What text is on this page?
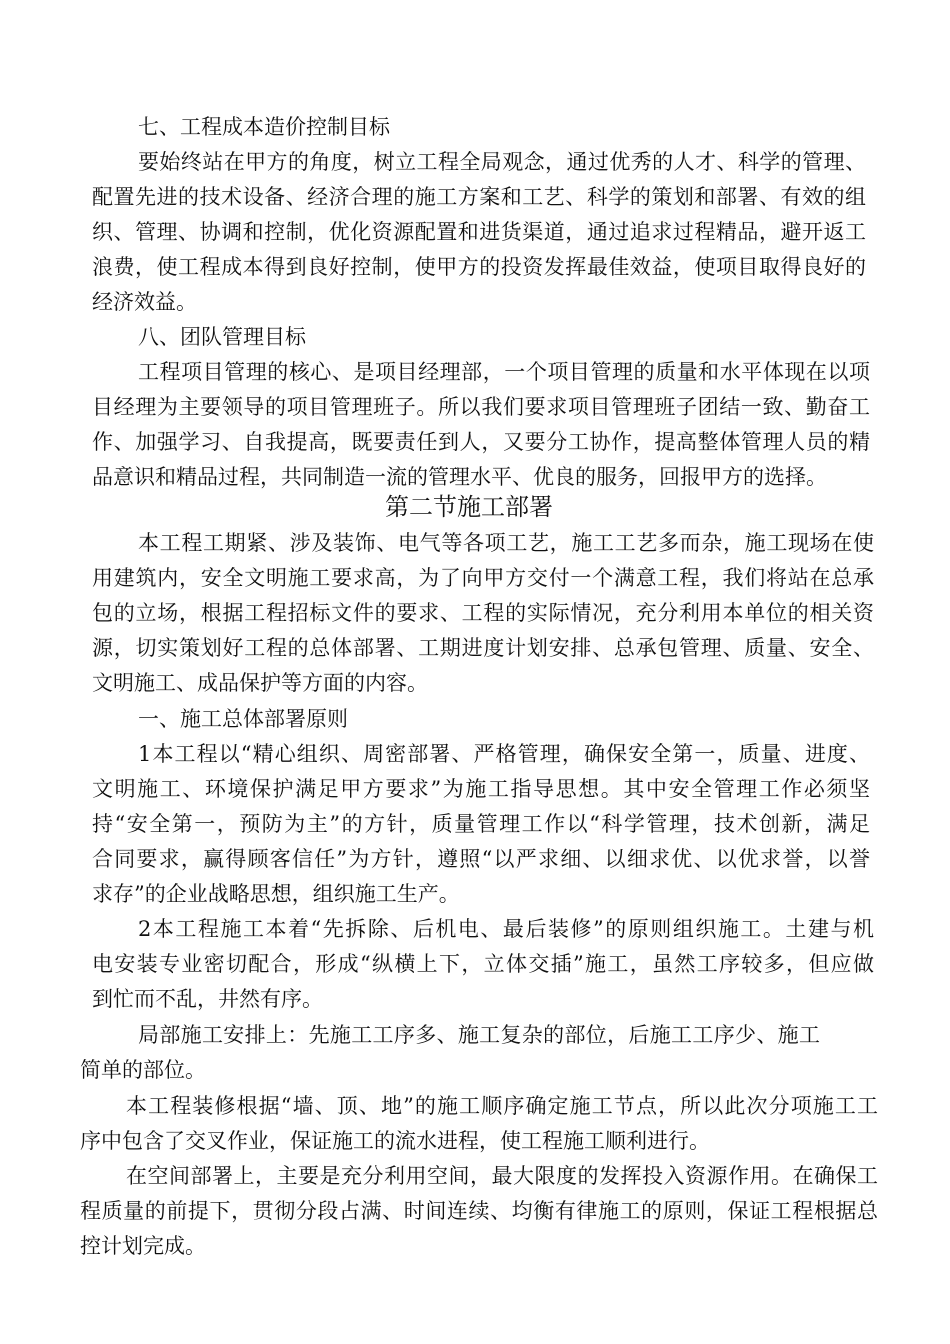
七、工程成本造价控制目标
要始终站在甲方的角度，树立工程全局观念，通过优秀的人才、科学的管理、
配置先进的技术设备、经济合理的施工方案和工艺、科学的策划和部署、有效的组
织、管理、协调和控制，优化资源配置和进货渠道，通过追求过程精品，避开返工
浪费，使工程成本得到良好控制，使甲方的投资发挥最佳效益，使项目取得良好的
经济效益。
八、团队管理目标
工程项目管理的核心、是项目经理部，一个项目管理的质量和水平体现在以项
目经理为主要领导的项目管理班子。所以我们要求项目管理班子团结一致、勤奋工
作、加强学习、自我提高，既要责任到人，又要分工协作，提高整体管理人员的精
品意识和精品过程，共同制造一流的管理水平、优良的服务，回报甲方的选择。
第二节施工部署
本工程工期紧、涉及装饰、电气等各项工艺，施工工艺多而杂，施工现场在使
用建筑内，安全文明施工要求高，为了向甲方交付一个满意工程，我们将站在总承
包的立场，根据工程招标文件的要求、工程的实际情况，充分利用本单位的相关资
源，切实策划好工程的总体部署、工期进度计划安排、总承包管理、质量、安全、
文明施工、成品保护等方面的内容。
一、施工总体部署原则
1本工程以“精心组织、周密部署、严格管理，确保安全第一，质量、进度、
文明施工、环境保护满足甲方要求”为施工指导思想。其中安全管理工作必须坚
持“安全第一，预防为主”的方针，质量管理工作以“科学管理，技术创新，满足
合同要求，赢得顾客信任”为方针，遵照“以严求细、以细求优、以优求誉，以誉
求存”的企业战略思想，组织施工生产。
2本工程施工本着“先拆除、后机电、最后装修”的原则组织施工。土建与机
电安装专业密切配合，形成“纵横上下，立体交插”施工，虽然工序较多，但应做
到忙而不乱，井然有序。
局部施工安排上：先施工工序多、施工复杂的部位，后施工工序少、施工
简单的部位。
本工程装修根据“墙、顶、地”的施工顺序确定施工节点，所以此次分项施工工
序中包含了交叉作业，保证施工的流水进程，使工程施工顺利进行。
在空间部署上，主要是充分利用空间，最大限度的发挥投入资源作用。在确保工
程质量的前提下，贯彻分段占满、时间连续、均衡有律施工的原则，保证工程根据总
控计划完成。
